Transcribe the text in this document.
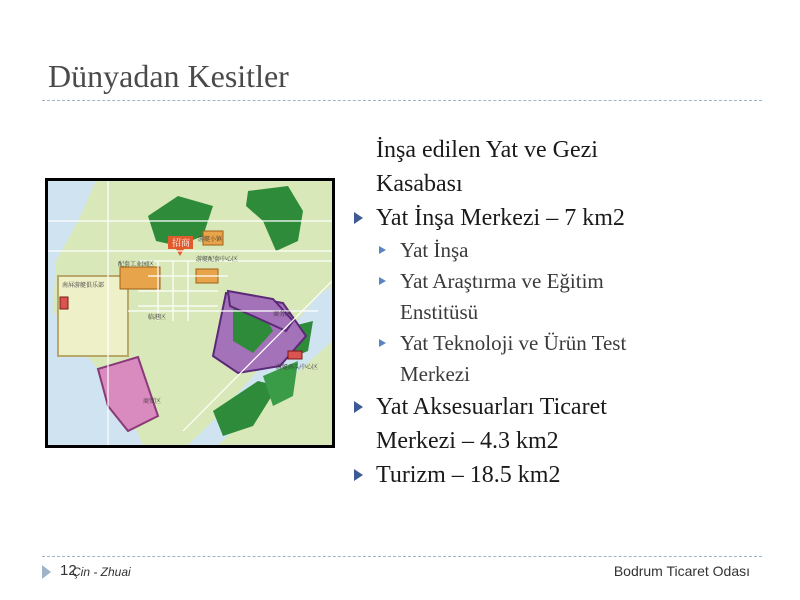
Dünyadan Kesitler
招商
配套工业园区
游艇配套中心区
游艇小镇
南屏游艇俱乐部
商务区
游艇码头中心区
商贸区
临港区
İnşa edilen Yat ve Gezi
Kasabası
Yat İnşa Merkezi – 7 km2
Yat İnşa
Yat Araştırma ve Eğitim
Enstitüsü
Yat Teknoloji ve Ürün Test
Merkezi
Yat Aksesuarları Ticaret
Merkezi – 4.3 km2
Turizm – 18.5 km2
12
Çin - Zhuai	Bodrum Ticaret Odası
